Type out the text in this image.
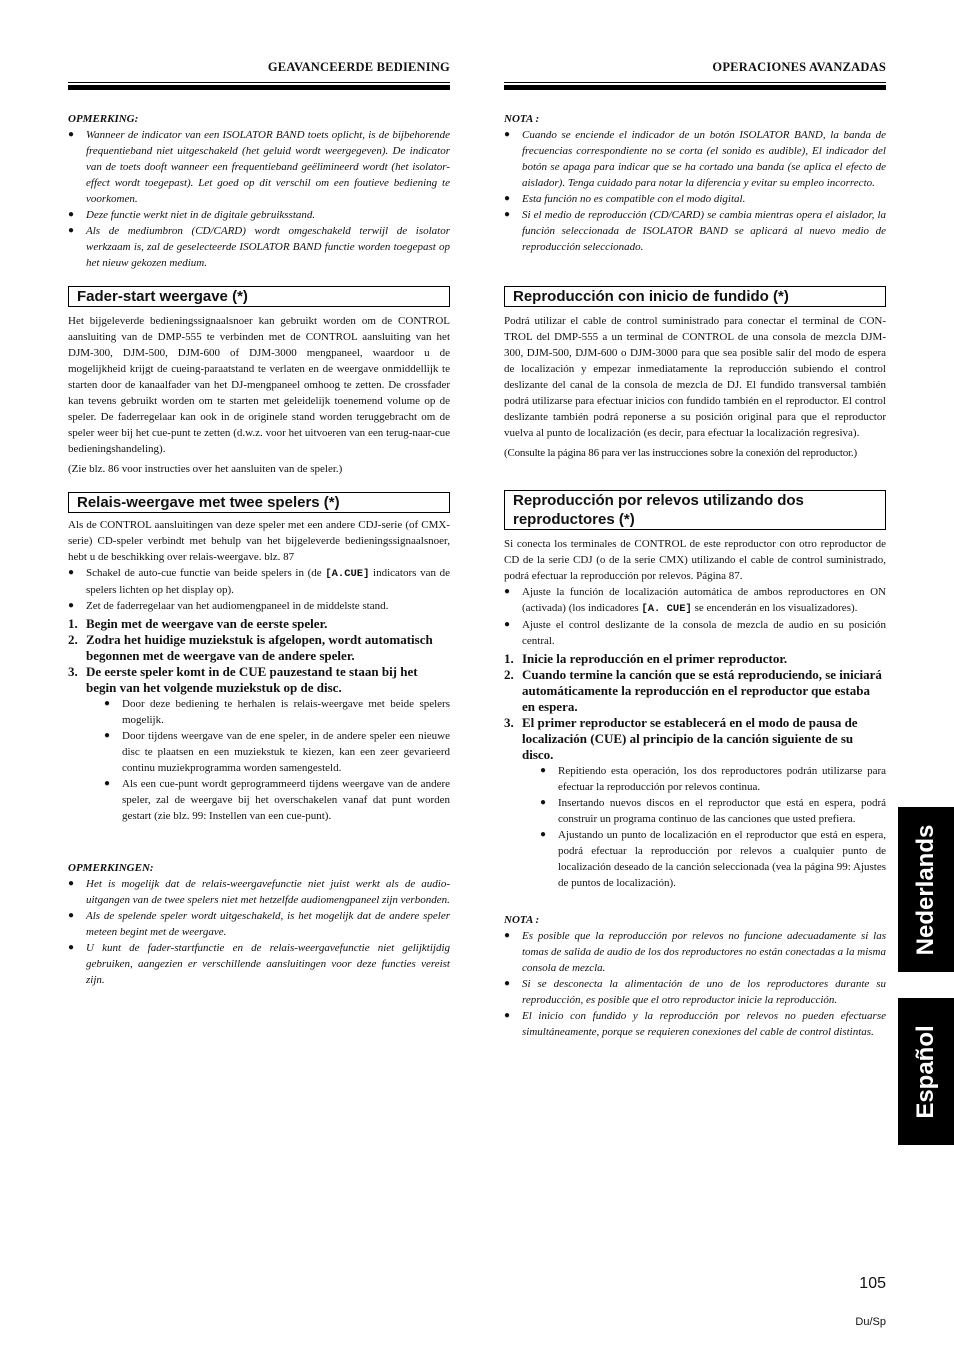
GEAVANCEERDE BEDIENING
OPMERKING:
● Wanneer de indicator van een ISOLATOR BAND toets oplicht, is de bijbehorende frequentieband niet uitgeschakeld (het geluid wordt weergegeven). De indicator van de toets dooft wanneer een frequentieband geëlimineerd wordt (het isolator-effect wordt toegepast). Let goed op dit verschil om een foutieve bediening te voorkomen.
● Deze functie werkt niet in de digitale gebruiksstand.
● Als de mediumbron (CD/CARD) wordt omgeschakeld terwijl de isolator werkzaam is, zal de geselecteerde ISOLATOR BAND functie worden toegepast op het nieuw gekozen medium.
Fader-start weergave (*)

Het bijgeleverde bedieningssignaalsnoer kan gebruikt worden om de CONTROL aansluiting van de DMP-555 te verbinden met de CONTROL aansluiting van het DJM-300, DJM-500, DJM-600 of DJM-3000 mengpaneel, waardoor u de mogelijkheid krijgt de cueing-paraatstand te verlaten en de weergave onmiddellijk te starten door de kanaalfader van het DJ-mengpaneel omhoog te zetten. De crossfader kan tevens gebruikt worden om te starten met geleidelijk toenemend volume op de speler. De faderregelaar kan ook in de originele stand worden teruggebracht om de speler weer bij het cue-punt te zetten (d.w.z. voor het uitvoeren van een terug-naar-cue bedieningshandeling).

(Zie blz. 86 voor instructies over het aansluiten van de speler.)

Relais-weergave met twee spelers (*)

Als de CONTROL aansluitingen van deze speler met een andere CDJ-serie (of CMX-serie) CD-speler verbindt met behulp van het bijgeleverde bedieningssignaalsnoer, hebt u de beschikking over relais-weergave. blz. 87

● Schakel de auto-cue functie van beide spelers in (de [A.CUE] indicators van de spelers lichten op het display op).
● Zet de faderregelaar van het audiomengpaneel in de middelste stand.
1. Begin met de weergave van de eerste speler.
2. Zodra het huidige muziekstuk is afgelopen, wordt automatisch begonnen met de weergave van de andere speler.
3. De eerste speler komt in de CUE pauzestand te staan bij het begin van het volgende muziekstuk op de disc.
● Door deze bediening te herhalen is relais-weergave met beide spelers mogelijk.
● Door tijdens weergave van de ene speler, in de andere speler een nieuwe disc te plaatsen en een muziekstuk te kiezen, kan een zeer gevarieerd continu muziekprogramma worden samengesteld.
● Als een cue-punt wordt geprogrammeerd tijdens weergave van de andere speler, zal de weergave bij het overschakelen vanaf dat punt worden gestart (zie blz. 99: Instellen van een cue-punt).
OPMERKINGEN:
● Het is mogelijk dat de relais-weergavefunctie niet juist werkt als de audio-uitgangen van de twee spelers niet met hetzelfde audiomengpaneel zijn verbonden.
● Als de spelende speler wordt uitgeschakeld, is het mogelijk dat de andere speler meteen begint met de weergave.
● U kunt de fader-startfunctie en de relais-weergavefunctie niet gelijktijdig gebruiken, aangezien er verschillende aansluitingen voor deze functies vereist zijn.
OPERACIONES AVANZADAS
NOTA :
● Cuando se enciende el indicador de un botón ISOLATOR BAND, la banda de frecuencias correspondiente no se corta (el sonido es audible), El indicador del botón se apaga para indicar que se ha cortado una banda (se aplica el efecto de aislador). Tenga cuidado para notar la diferencia y evitar su empleo incorrecto.
● Esta función no es compatible con el modo digital.
● Si el medio de reproducción (CD/CARD) se cambia mientras opera el aislador, la función seleccionada de ISOLATOR BAND se aplicará al nuevo medio de reproducción seleccionado.
Reproducción con inicio de fundido (*)

Podrá utilizar el cable de control suministrado para conectar el terminal de CON-TROL del DMP-555 a un terminal de CONTROL de una consola de mezcla DJM-300, DJM-500, DJM-600 o DJM-3000 para que sea posible salir del modo de espera de localización y empezar inmediatamente la reproducción subiendo el control deslizante del canal de la consola de mezcla de DJ. El fundido transversal también podrá utilizarse para efectuar inicios con fundido también en el reproductor. El control deslizante también podrá reponerse a su posición original para que el reproductor vuelva al punto de localización (es decir, para efectuar la localización regresiva).

(Consulte la página 86 para ver las instrucciones sobre la conexión del reproductor.)

Reproducción por relevos utilizando dos reproductores (*)

Si conecta los terminales de CONTROL de este reproductor con otro reproductor de CD de la serie CDJ (o de la serie CMX) utilizando el cable de control suministrado, podrá efectuar la reproducción por relevos. Página 87.

● Ajuste la función de localización automática de ambos reproductores en ON (activada) (los indicadores [A. CUE] se encenderán en los visualizadores).
● Ajuste el control deslizante de la consola de mezcla de audio en su posición central.
1. Inicie la reproducción en el primer reproductor.
2. Cuando termine la canción que se está reproduciendo, se iniciará automáticamente la reproducción en el reproductor que estaba en espera.
3. El primer reproductor se establecerá en el modo de pausa de localización (CUE) al principio de la canción siguiente de su disco.
● Repitiendo esta operación, los dos reproductores podrán utilizarse para efectuar la reproducción por relevos continua.
● Insertando nuevos discos en el reproductor que está en espera, podrá construir un programa continuo de las canciones que usted prefiera.
● Ajustando un punto de localización en el reproductor que está en espera, podrá efectuar la reproducción por relevos a cualquier punto de localización deseado de la canción seleccionada (vea la página 99: Ajustes de puntos de localización).
NOTA :
● Es posible que la reproducción por relevos no funcione adecuadamente si las tomas de salida de audio de los dos reproductores no están conectadas a la misma consola de mezcla.
● Si se desconecta la alimentación de uno de los reproductores durante su reproducción, es posible que el otro reproductor inicie la reproducción.
● El inicio con fundido y la reproducción por relevos no pueden efectuarse simultáneamente, porque se requieren conexiones del cable de control distintas.
Nederlands
Español
105
Du/Sp
